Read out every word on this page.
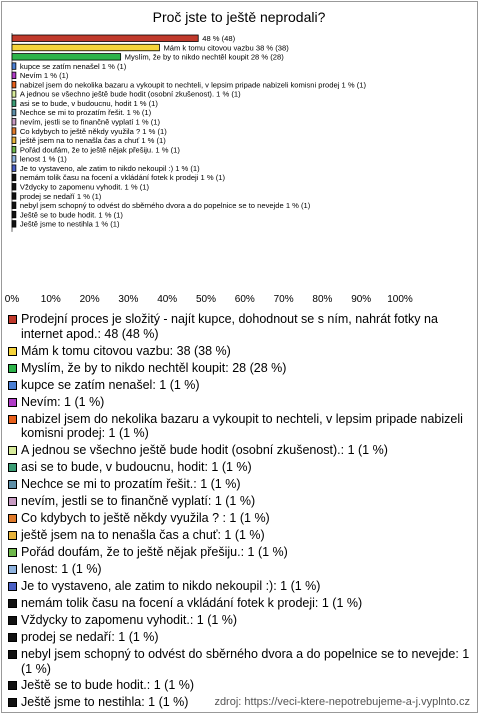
Proč jste to ještě neprodali?
48 % (48)
Mám k tomu citovou vazbu 38 % (38)
Myslím, že by to nikdo nechtěl koupit 28 % (28)
kupce se zatím nenašel 1 % (1)
Nevím 1 % (1)
nabizel jsem do nekolika bazaru a vykoupit to nechteli, v lepsim pripade nabizeli komisni prodej 1 % (1)
A jednou se všechno ještě bude hodit (osobní zkušenost). 1 % (1)
asi se to bude, v budoucnu, hodit 1 % (1)
Nechce se mi to prozatím řešit. 1 % (1)
nevím, jestli se to finančně vyplatí 1 % (1)
Co kdybych to ještě někdy využila ? 1 % (1)
ještě jsem na to nenašla čas a chuť 1 % (1)
Pořád doufám, že to ještě nějak přešiju. 1 % (1)
lenost 1 % (1)
Je to vystaveno, ale zatim to nikdo nekoupil :) 1 % (1)
nemám tolik času na focení a vkládání fotek k prodeji 1 % (1)
Vždycky to zapomenu vyhodit. 1 % (1)
prodej se nedaří 1 % (1)
nebyl jsem schopný to odvést do sběrného dvora a do popelnice se to nevejde 1 % (1)
Ještě se to bude hodit. 1 % (1)
Ještě jsme to nestihla 1 % (1)
0% 10% 20% 30% 40% 50% 60% 70% 80% 90% 100%
Prodejní proces je složitý - najít kupce, dohodnout se s ním, nahrát fotky na internet apod.: 48 (48 %)
Mám k tomu citovou vazbu: 38 (38 %)
Myslím, že by to nikdo nechtěl koupit: 28 (28 %)
kupce se zatím nenašel: 1 (1 %)
Nevím: 1 (1 %)
nabizel jsem do nekolika bazaru a vykoupit to nechteli, v lepsim pripade nabizeli komisni prodej: 1 (1 %)
A jednou se všechno ještě bude hodit (osobní zkušenost).: 1 (1 %)
asi se to bude, v budoucnu, hodit: 1 (1 %)
Nechce se mi to prozatím řešit.: 1 (1 %)
nevím, jestli se to finančně vyplatí: 1 (1 %)
Co kdybych to ještě někdy využila ? : 1 (1 %)
ještě jsem na to nenašla čas a chuť: 1 (1 %)
Pořád doufám, že to ještě nějak přešiju.: 1 (1 %)
lenost: 1 (1 %)
Je to vystaveno, ale zatim to nikdo nekoupil :): 1 (1 %)
nemám tolik času na focení a vkládání fotek k prodeji: 1 (1 %)
Vždycky to zapomenu vyhodit.: 1 (1 %)
prodej se nedaří: 1 (1 %)
nebyl jsem schopný to odvést do sběrného dvora a do popelnice se to nevejde: 1 (1 %)
Ještě se to bude hodit.: 1 (1 %)
Ještě jsme to nestihla: 1 (1 %)	zdroj: https://veci-ktere-nepotrebujeme-a-j.vyplnto.cz
